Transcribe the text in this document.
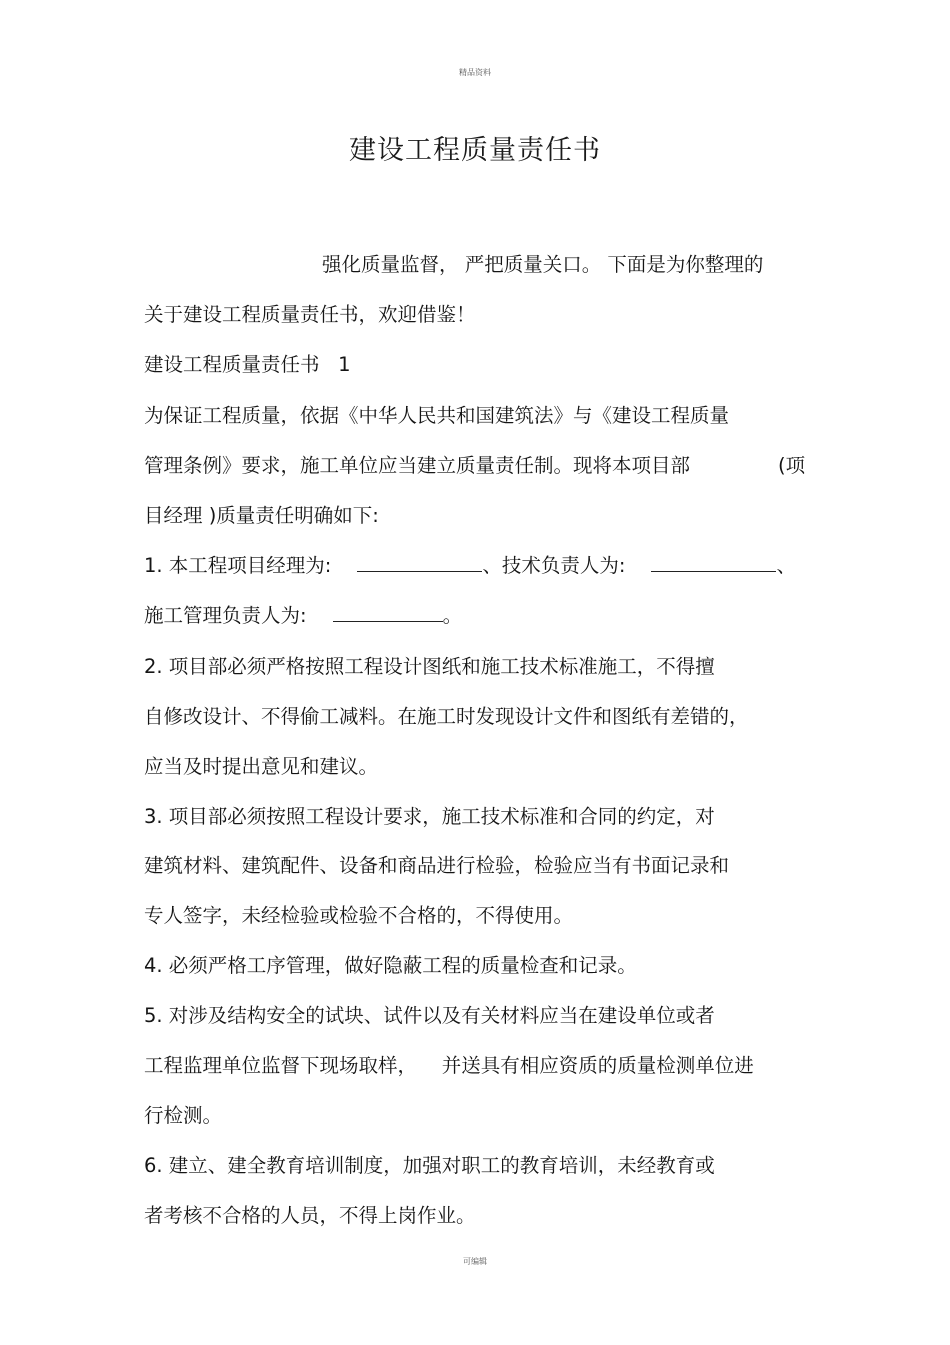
精品资料
建设工程质量责任书
强化质量监督， 严把质量关口。 下面是为你整理的
关于建设工程质量责任书，欢迎借鉴！
建设工程质量责任书   1
为保证工程质量，依据《中华人民共和国建筑法》与《建设工程质量
管理条例》要求，施工单位应当建立质量责任制。现将本项目部	(项
目经理 )质量责任明确如下:
1. 本工程项目经理为:	、技术负责人为:	、
施工管理负责人为:	。
2. 项目部必须严格按照工程设计图纸和施工技术标准施工，不得擅
自修改设计、不得偷工减料。在施工时发现设计文件和图纸有差错的，
应当及时提出意见和建议。
3. 项目部必须按照工程设计要求，施工技术标准和合同的约定，对
建筑材料、建筑配件、设备和商品进行检验，检验应当有书面记录和
专人签字，未经检验或检验不合格的，不得使用。
4. 必须严格工序管理，做好隐蔽工程的质量检查和记录。
5. 对涉及结构安全的试块、试件以及有关材料应当在建设单位或者
工程监理单位监督下现场取样，    并送具有相应资质的质量检测单位进
行检测。
6. 建立、建全教育培训制度，加强对职工的教育培训，未经教育或
者考核不合格的人员，不得上岗作业。
可编辑
